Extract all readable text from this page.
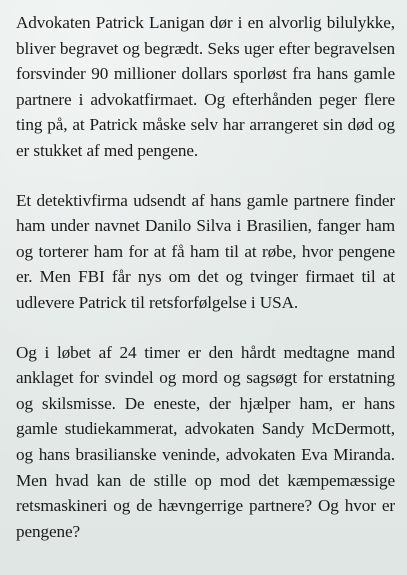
Advokaten Patrick Lanigan dør i en alvorlig bilulykke, bliver begravet og begrædt. Seks uger efter begravelsen forsvinder 90 millioner dollars sporløst fra hans gamle partnere i advokatfirmaet. Og efterhånden peger flere ting på, at Patrick måske selv har arrangeret sin død og er stukket af med pengene.

Et detektivfirma udsendt af hans gamle partnere finder ham under navnet Danilo Silva i Brasilien, fanger ham og torterer ham for at få ham til at røbe, hvor pengene er. Men FBI får nys om det og tvinger firmaet til at udlevere Patrick til retsforfølgelse i USA.

Og i løbet af 24 timer er den hårdt medtagne mand anklaget for svindel og mord og sagsøgt for erstatning og skilsmisse. De eneste, der hjælper ham, er hans gamle studiekammerat, advokaten Sandy McDermott, og hans brasilianske veninde, advokaten Eva Miranda. Men hvad kan de stille op mod det kæmpemæssige retsmaskineri og de hævngerrige partnere? Og hvor er pengene?
